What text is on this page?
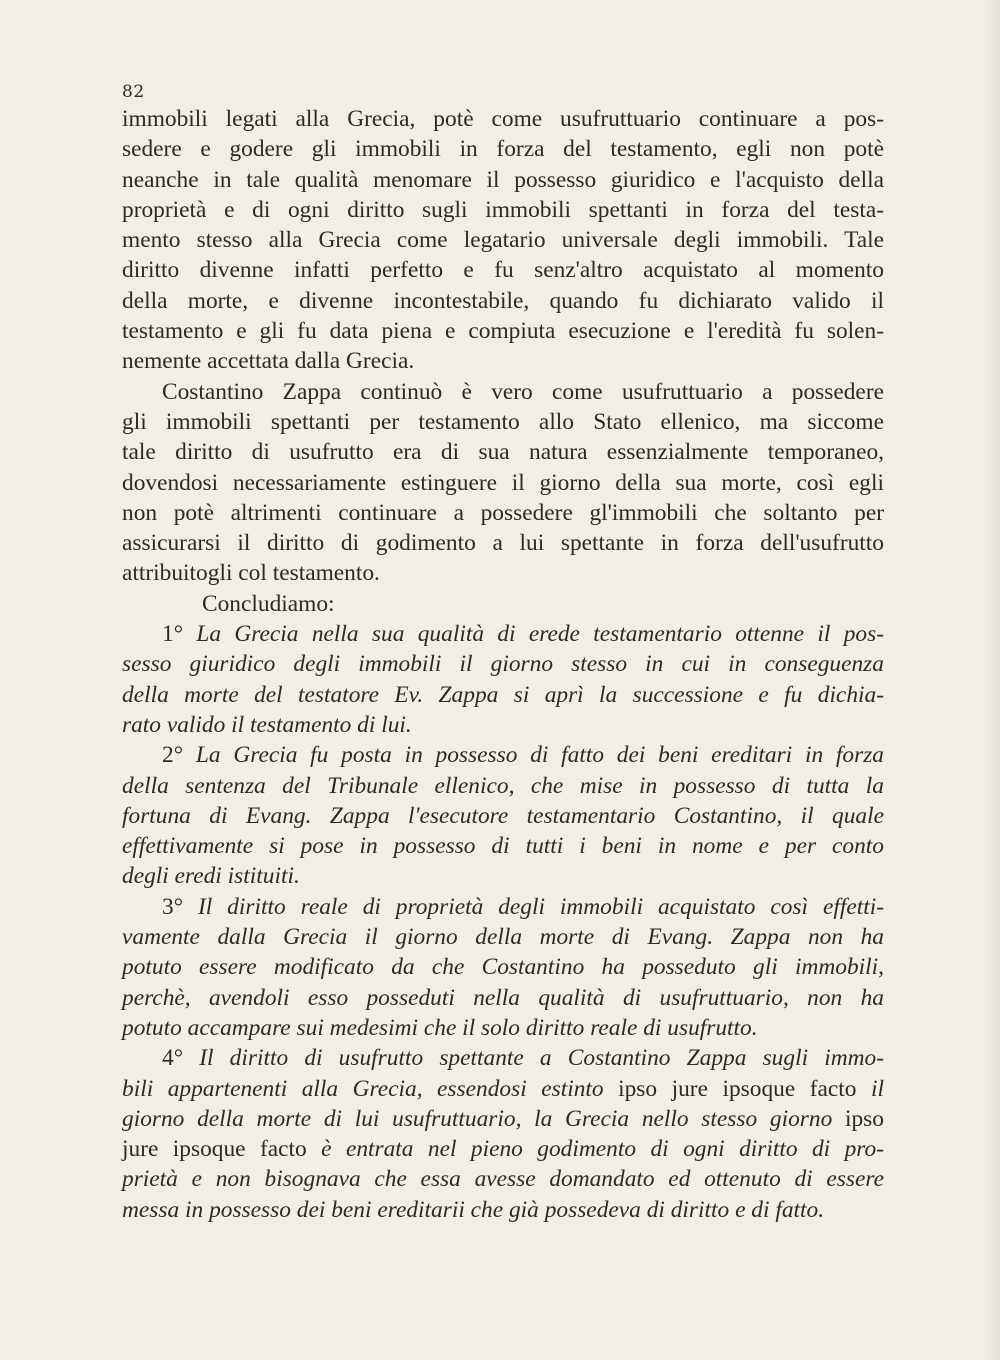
82

immobili legati alla Grecia, potè come usufruttuario continuare a pos-
sedere e godere gli immobili in forza del testamento, egli non potè
neanche in tale qualità menomare il possesso giuridico e l'acquisto della
proprietà e di ogni diritto sugli immobili spettanti in forza del testa-
mento stesso alla Grecia come legatario universale degli immobili. Tale
diritto divenne infatti perfetto e fu senz'altro acquistato al momento
della morte, e divenne incontestabile, quando fu dichiarato valido il
testamento e gli fu data piena e compiuta esecuzione e l'eredità fu solen-
nemente accettata dalla Grecia.

Costantino Zappa continuò è vero come usufruttuario a possedere
gli immobili spettanti per testamento allo Stato ellenico, ma siccome
tale diritto di usufrutto era di sua natura essenzialmente temporaneo,
dovendosi necessariamente estinguere il giorno della sua morte, così egli
non potè altrimenti continuare a possedere gl'immobili che soltanto per
assicurarsi il diritto di godimento a lui spettante in forza dell'usufrutto
attribuitogli col testamento.

Concludiamo:

1° La Grecia nella sua qualità di erede testamentario ottenne il pos-
sesso giuridico degli immobili il giorno stesso in cui in conseguenza
della morte del testatore Ev. Zappa si aprì la successione e fu dichia-
rato valido il testamento di lui.

2° La Grecia fu posta in possesso di fatto dei beni ereditari in forza
della sentenza del Tribunale ellenico, che mise in possesso di tutta la
fortuna di Evang. Zappa l'esecutore testamentario Costantino, il quale
effettivamente si pose in possesso di tutti i beni in nome e per conto
degli eredi istituiti.

3° Il diritto reale di proprietà degli immobili acquistato così effetti-
vamente dalla Grecia il giorno della morte di Evang. Zappa non ha
potuto essere modificato da che Costantino ha posseduto gli immobili,
perchè, avendoli esso posseduti nella qualità di usufruttuario, non ha
potuto accampare sui medesimi che il solo diritto reale di usufrutto.

4° Il diritto di usufrutto spettante a Costantino Zappa sugli immo-
bili appartenenti alla Grecia, essendosi estinto ipso jure ipsoque facto il
giorno della morte di lui usufruttuario, la Grecia nello stesso giorno ipso
jure ipsoque facto è entrata nel pieno godimento di ogni diritto di pro-
prietà e non bisognava che essa avesse domandato ed ottenuto di essere
messa in possesso dei beni ereditarii che già possedeva di diritto e di fatto.
